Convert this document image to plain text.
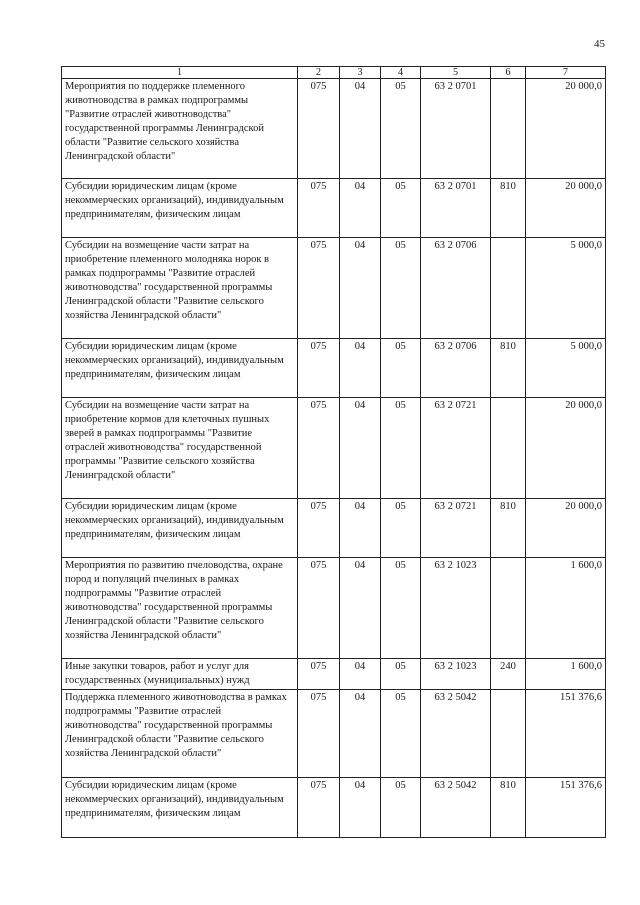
45
1	2	3	4	5	6	7
Мероприятия по поддержке племенного животноводства в рамках подпрограммы "Развитие отраслей животноводства" государственной программы Ленинградской области "Развитие сельского хозяйства Ленинградской области"	075	04	05	63 2 0701		20 000,0
Субсидии юридическим лицам (кроме некоммерческих организаций), индивидуальным предпринимателям, физическим лицам	075	04	05	63 2 0701	810	20 000,0
Субсидии на возмещение части затрат на приобретение племенного молодняка норок в рамках подпрограммы "Развитие отраслей животноводства" государственной программы Ленинградской области "Развитие сельского хозяйства Ленинградской области"	075	04	05	63 2 0706		5 000,0
Субсидии юридическим лицам (кроме некоммерческих организаций), индивидуальным предпринимателям, физическим лицам	075	04	05	63 2 0706	810	5 000,0
Субсидии на возмещение части затрат на приобретение кормов для клеточных пушных зверей в рамках подпрограммы "Развитие отраслей животноводства" государственной программы "Развитие сельского хозяйства Ленинградской области"	075	04	05	63 2 0721		20 000,0
Субсидии юридическим лицам (кроме некоммерческих организаций), индивидуальным предпринимателям, физическим лицам	075	04	05	63 2 0721	810	20 000,0
Мероприятия по развитию пчеловодства, охране пород и популяций пчелиных в рамках подпрограммы "Развитие отраслей животноводства" государственной программы Ленинградской области "Развитие сельского хозяйства Ленинградской области"	075	04	05	63 2 1023		1 600,0
Иные закупки товаров, работ и услуг для государственных (муниципальных) нужд	075	04	05	63 2 1023	240	1 600,0
Поддержка племенного животноводства в рамках подпрограммы "Развитие отраслей животноводства" государственной программы Ленинградской области "Развитие сельского хозяйства Ленинградской области"	075	04	05	63 2 5042		151 376,6
Субсидии юридическим лицам (кроме некоммерческих организаций), индивидуальным предпринимателям, физическим лицам	075	04	05	63 2 5042	810	151 376,6
